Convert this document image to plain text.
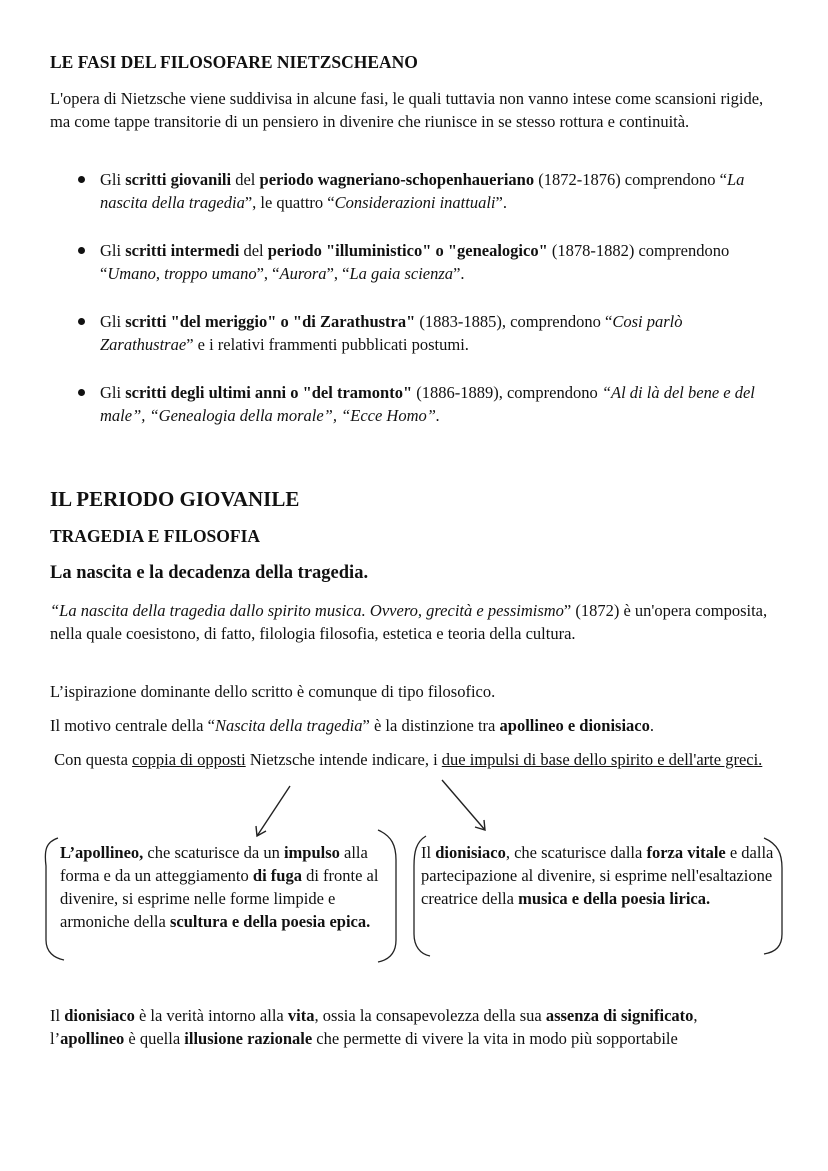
LE FASI DEL FILOSOFARE NIETZSCHEANO
L'opera di Nietzsche viene suddivisa in alcune fasi, le quali tuttavia non vanno intese come scansioni rigide, ma come tappe transitorie di un pensiero in divenire che riunisce in se stesso rottura e continuità.
Gli scritti giovanili del periodo wagneriano-schopenhaueriano (1872-1876) comprendono “La nascita della tragedia”, le quattro “Considerazioni inattuali”.
Gli scritti intermedi del periodo "illuministico" o "genealogico" (1878-1882) comprendono “Umano, troppo umano”, “Aurora”, “La gaia scienza”.
Gli scritti "del meriggio" o "di Zarathustra" (1883-1885), comprendono “Cosi parlò Zarathustrae” e i relativi frammenti pubblicati postumi.
Gli scritti degli ultimi anni o "del tramonto" (1886-1889), comprendono “Al di là del bene e del male”, “Genealogia della morale”, “Ecce Homo”.
IL PERIODO GIOVANILE
TRAGEDIA E FILOSOFIA
La nascita e la decadenza della tragedia.
“La nascita della tragedia dallo spirito musica. Ovvero, grecità e pessimismo” (1872) è un'opera composita, nella quale coesistono, di fatto, filologia filosofia, estetica e teoria della cultura.
L’ispirazione dominante dello scritto è comunque di tipo filosofico.
Il motivo centrale della “Nascita della tragedia” è la distinzione tra apollineo e dionisiaco.
Con questa coppia di opposti Nietzsche intende indicare, i due impulsi di base dello spirito e dell'arte greci.
L’apollineo, che scaturisce da un impulso alla forma e da un atteggiamento di fuga di fronte al divenire, si esprime nelle forme limpide e armoniche della scultura e della poesia epica.
Il dionisiaco, che scaturisce dalla forza vitale e dalla partecipazione al divenire, si esprime nell'esaltazione creatrice della musica e della poesia lirica.
Il dionisiaco è la verità intorno alla vita, ossia la consapevolezza della sua assenza di significato, l’apollineo è quella illusione razionale che permette di vivere la vita in modo più sopportabile
